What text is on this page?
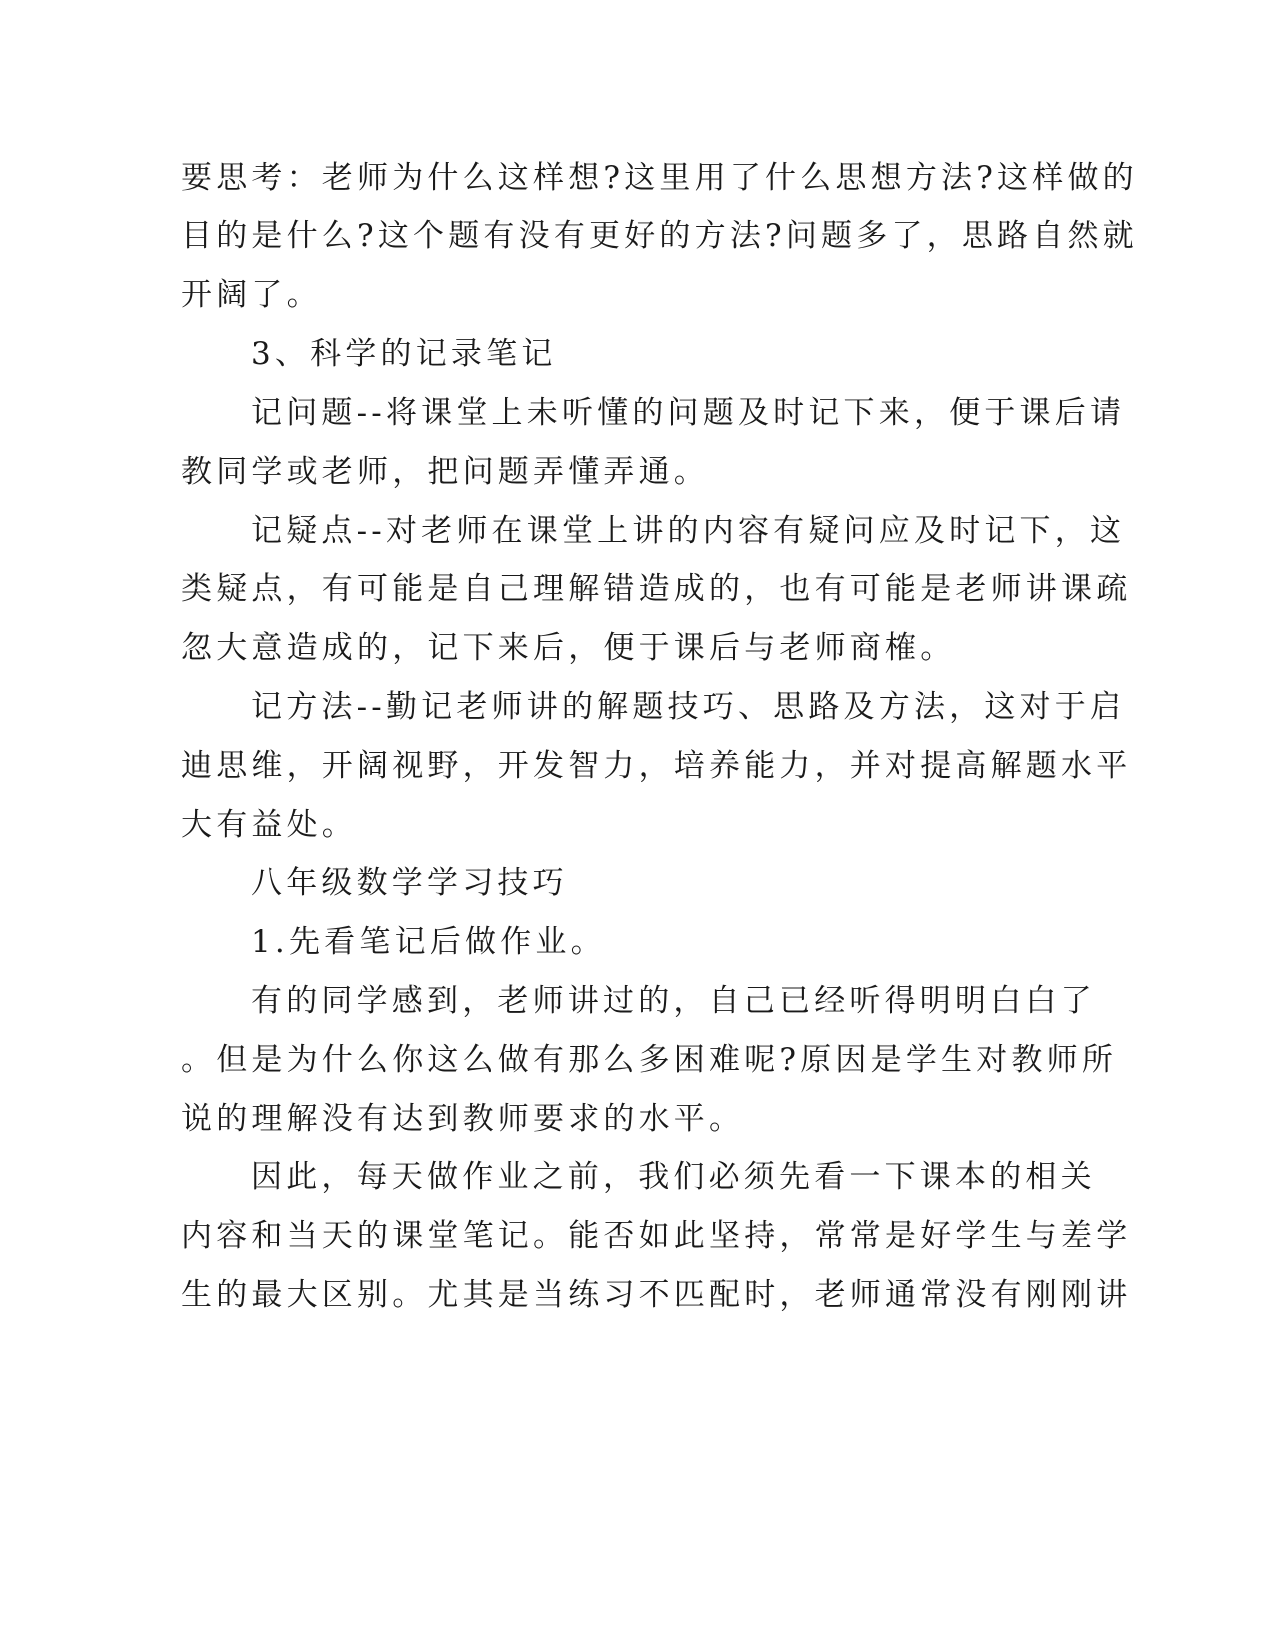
要思考：老师为什么这样想?这里用了什么思想方法?这样做的
目的是什么?这个题有没有更好的方法?问题多了，思路自然就
开阔了。
3、科学的记录笔记
记问题--将课堂上未听懂的问题及时记下来，便于课后请
教同学或老师，把问题弄懂弄通。
记疑点--对老师在课堂上讲的内容有疑问应及时记下，这
类疑点，有可能是自己理解错造成的，也有可能是老师讲课疏
忽大意造成的，记下来后，便于课后与老师商榷。
记方法--勤记老师讲的解题技巧、思路及方法，这对于启
迪思维，开阔视野，开发智力，培养能力，并对提高解题水平
大有益处。
八年级数学学习技巧
1.先看笔记后做作业。
有的同学感到，老师讲过的，自己已经听得明明白白了
。但是为什么你这么做有那么多困难呢?原因是学生对教师所
说的理解没有达到教师要求的水平。
因此，每天做作业之前，我们必须先看一下课本的相关
内容和当天的课堂笔记。能否如此坚持，常常是好学生与差学
生的最大区别。尤其是当练习不匹配时，老师通常没有刚刚讲
